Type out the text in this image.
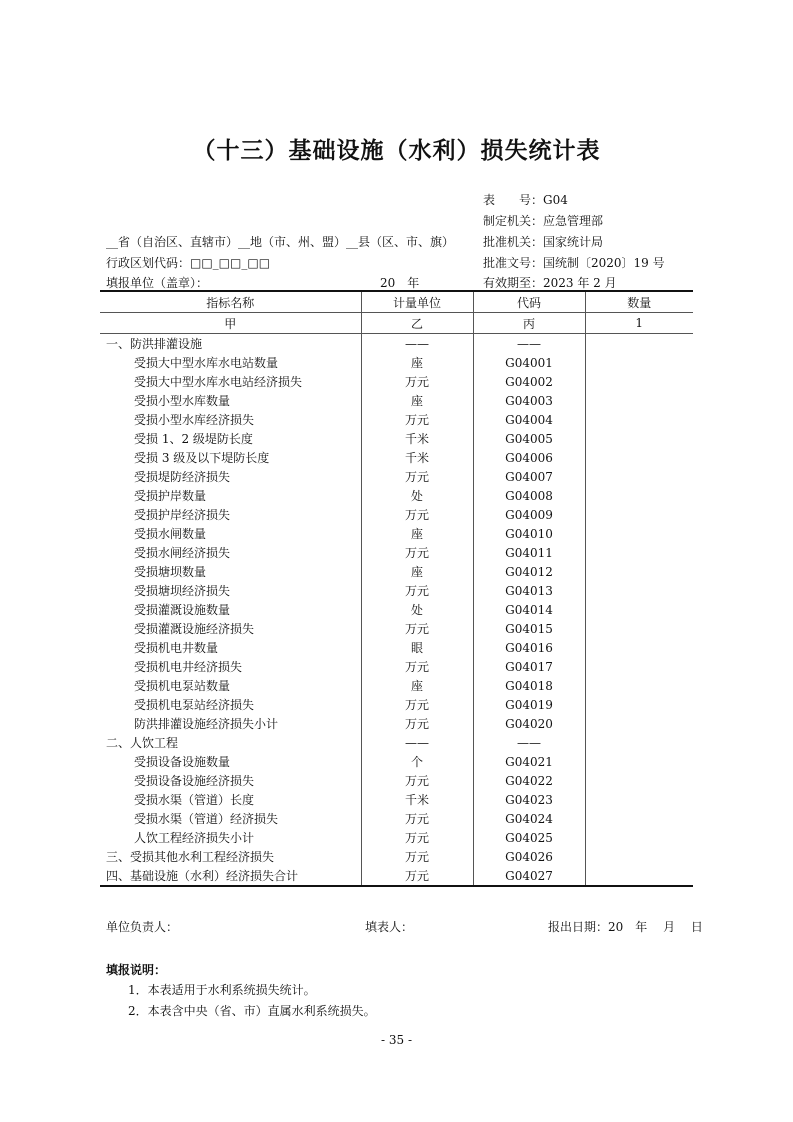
（十三）基础设施（水利）损失统计表
表　　号：G04
制定机关：应急管理部
批准机关：国家统计局
批准文号：国统制〔2020〕19 号
有效期至：2023 年 2 月
__省（自治区、直辖市）__地（市、州、盟）__县（区、市、旗）
行政区划代码：□□_□□_□□
填报单位（盖章）：	20　年
指标名称	计量单位	代码	数量
甲	乙	丙	1
一、防洪排灌设施	——	——	
受损大中型水库水电站数量	座	G04001	
受损大中型水库水电站经济损失	万元	G04002	
受损小型水库数量	座	G04003	
受损小型水库经济损失	万元	G04004	
受损 1、2 级堤防长度	千米	G04005	
受损 3 级及以下堤防长度	千米	G04006	
受损堤防经济损失	万元	G04007	
受损护岸数量	处	G04008	
受损护岸经济损失	万元	G04009	
受损水闸数量	座	G04010	
受损水闸经济损失	万元	G04011	
受损塘坝数量	座	G04012	
受损塘坝经济损失	万元	G04013	
受损灌溉设施数量	处	G04014	
受损灌溉设施经济损失	万元	G04015	
受损机电井数量	眼	G04016	
受损机电井经济损失	万元	G04017	
受损机电泵站数量	座	G04018	
受损机电泵站经济损失	万元	G04019	
防洪排灌设施经济损失小计	万元	G04020	
二、人饮工程	——	——	
受损设备设施数量	个	G04021	
受损设备设施经济损失	万元	G04022	
受损水渠（管道）长度	千米	G04023	
受损水渠（管道）经济损失	万元	G04024	
人饮工程经济损失小计	万元	G04025	
三、受损其他水利工程经济损失	万元	G04026	
四、基础设施（水利）经济损失合计	万元	G04027	
单位负责人：	填表人：	报出日期：20　年　 月　 日
填报说明：
1．本表适用于水利系统损失统计。
2．本表含中央（省、市）直属水利系统损失。
- 35 -
